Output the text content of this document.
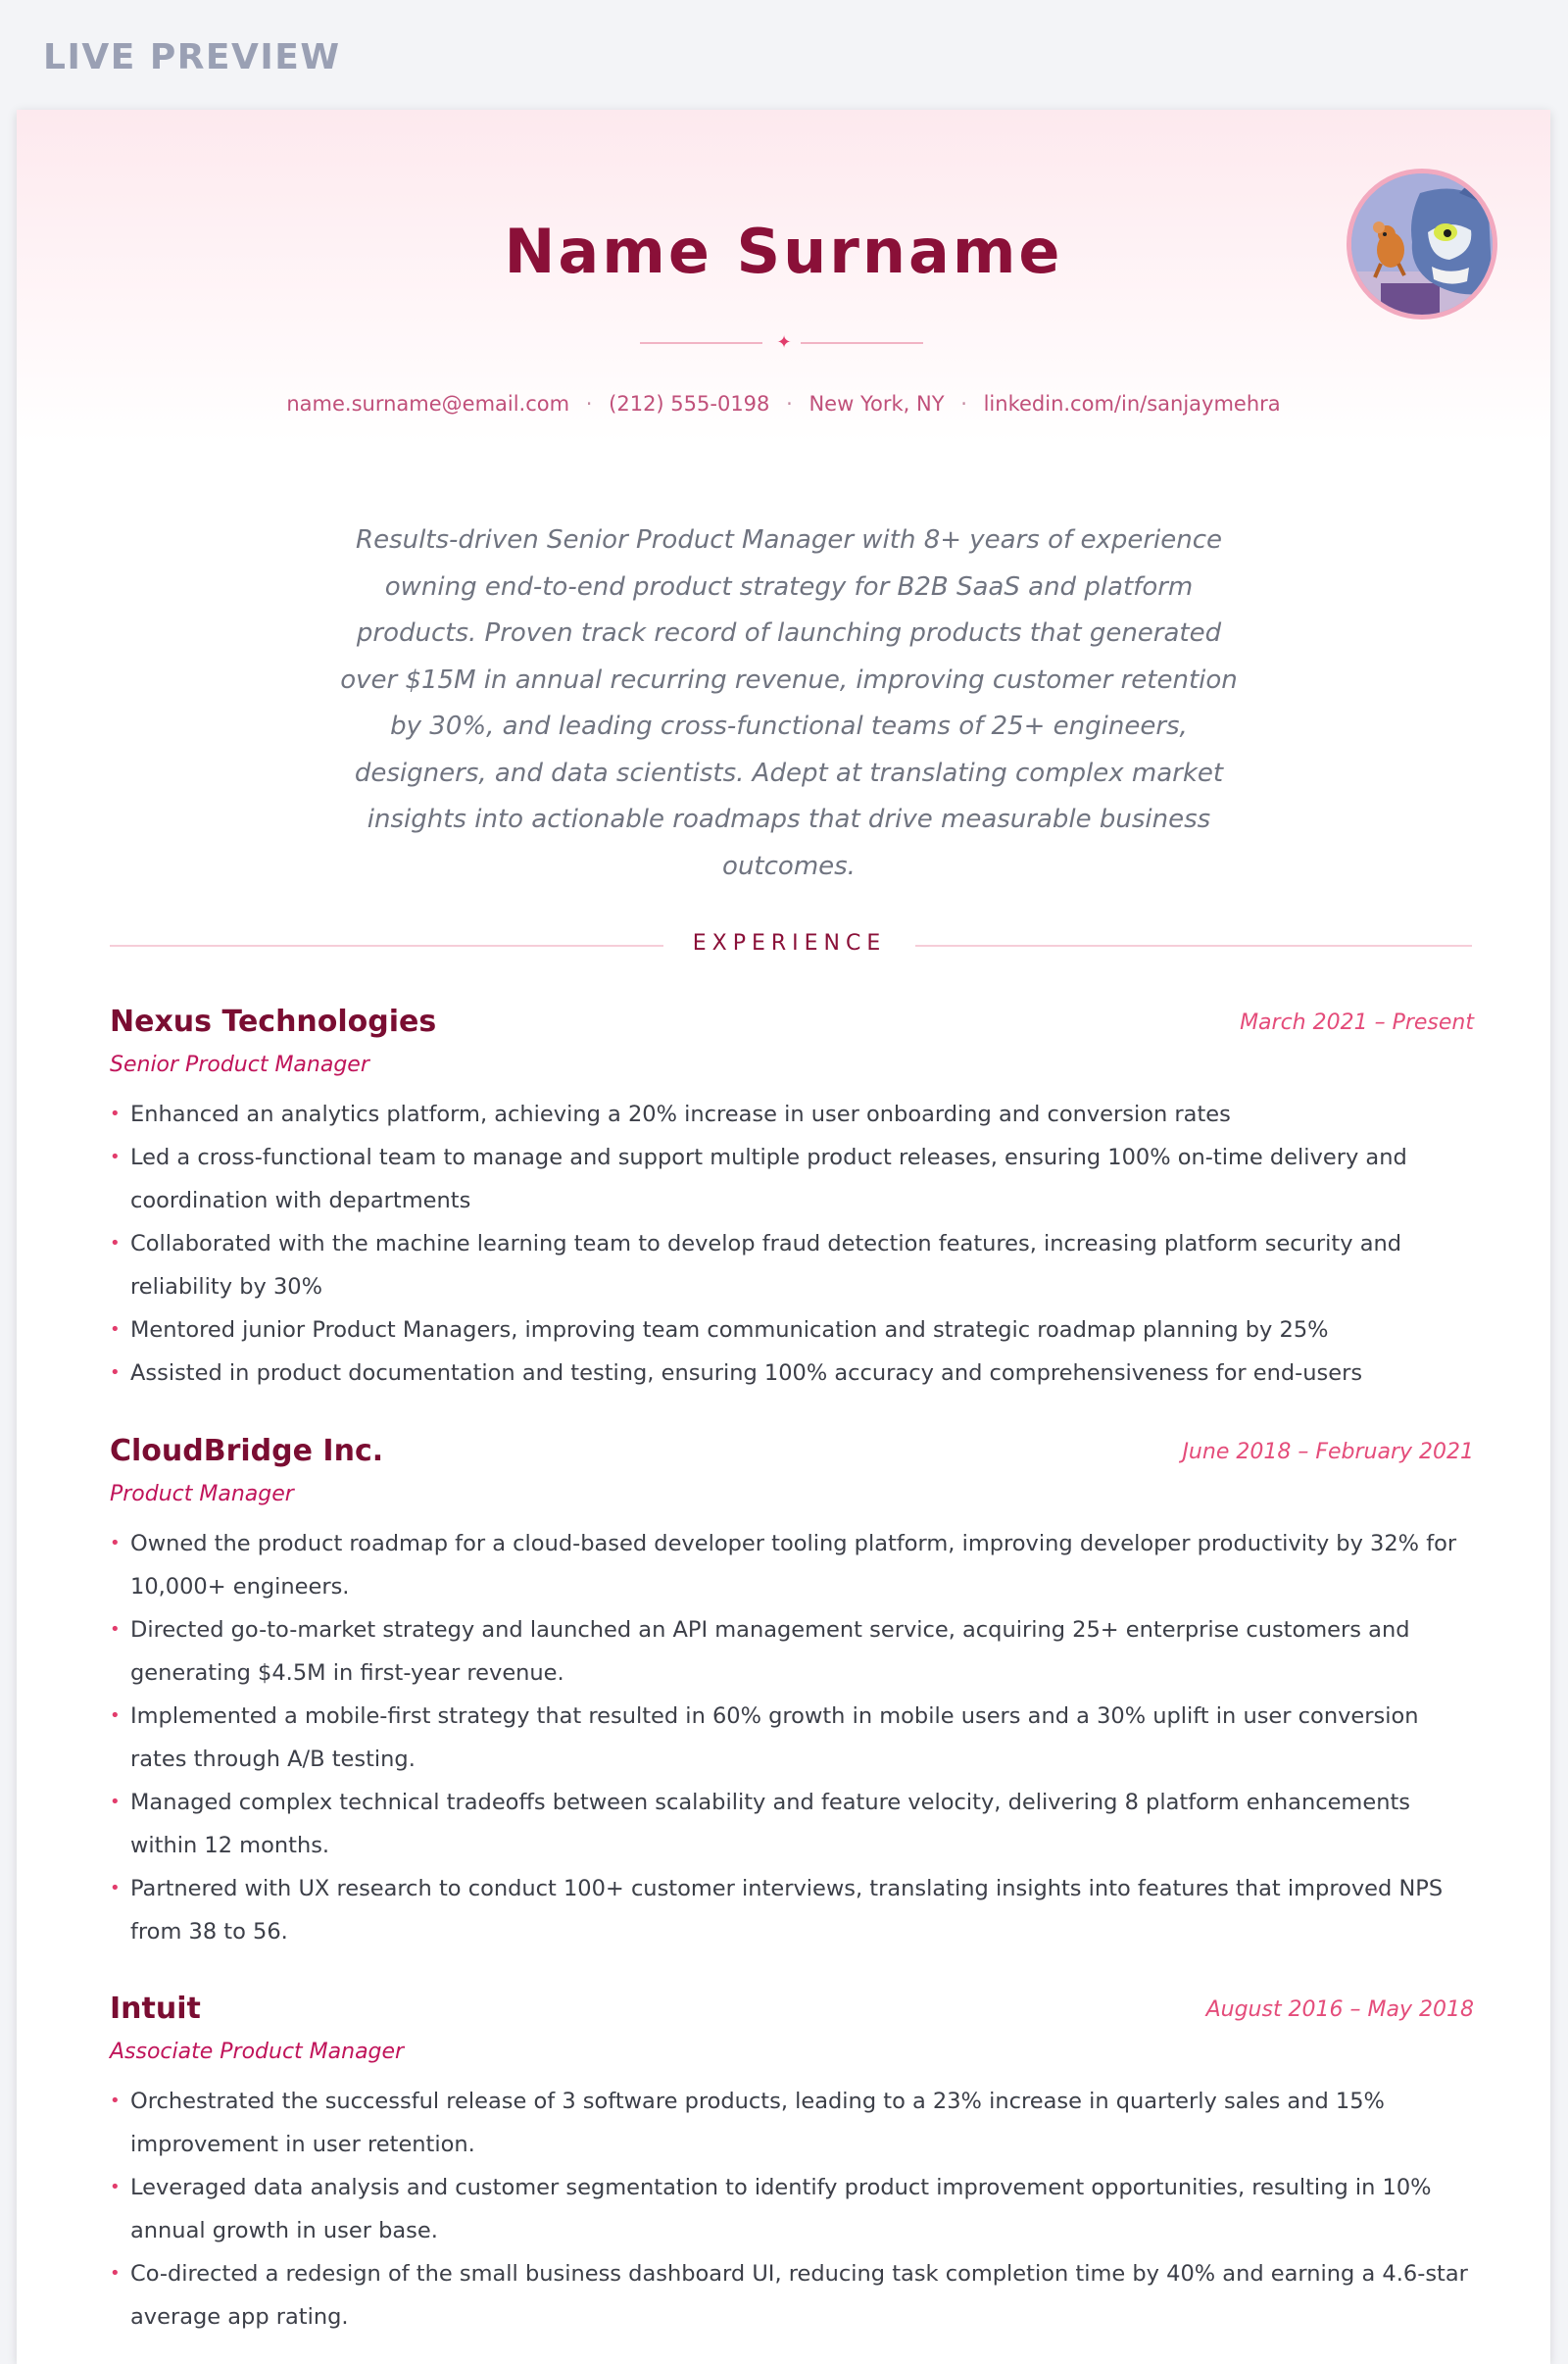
LIVE PREVIEW
Name Surname
✦
name.surname@email.com · (212) 555-0198 · New York, NY · linkedin.com/in/sanjaymehra
Results-driven Senior Product Manager with 8+ years of experience owning end-to-end product strategy for B2B SaaS and platform products. Proven track record of launching products that generated over $15M in annual recurring revenue, improving customer retention by 30%, and leading cross-functional teams of 25+ engineers, designers, and data scientists. Adept at translating complex market insights into actionable roadmaps that drive measurable business outcomes.
EXPERIENCE
Nexus Technologies	March 2021 – Present
Senior Product Manager
• Enhanced an analytics platform, achieving a 20% increase in user onboarding and conversion rates
• Led a cross-functional team to manage and support multiple product releases, ensuring 100% on-time delivery and coordination with departments
• Collaborated with the machine learning team to develop fraud detection features, increasing platform security and reliability by 30%
• Mentored junior Product Managers, improving team communication and strategic roadmap planning by 25%
• Assisted in product documentation and testing, ensuring 100% accuracy and comprehensiveness for end-users
CloudBridge Inc.	June 2018 – February 2021
Product Manager
• Owned the product roadmap for a cloud-based developer tooling platform, improving developer productivity by 32% for 10,000+ engineers.
• Directed go-to-market strategy and launched an API management service, acquiring 25+ enterprise customers and generating $4.5M in first-year revenue.
• Implemented a mobile-first strategy that resulted in 60% growth in mobile users and a 30% uplift in user conversion rates through A/B testing.
• Managed complex technical tradeoffs between scalability and feature velocity, delivering 8 platform enhancements within 12 months.
• Partnered with UX research to conduct 100+ customer interviews, translating insights into features that improved NPS from 38 to 56.
Intuit	August 2016 – May 2018
Associate Product Manager
• Orchestrated the successful release of 3 software products, leading to a 23% increase in quarterly sales and 15% improvement in user retention.
• Leveraged data analysis and customer segmentation to identify product improvement opportunities, resulting in 10% annual growth in user base.
• Co-directed a redesign of the small business dashboard UI, reducing task completion time by 40% and earning a 4.6-star average app rating.
